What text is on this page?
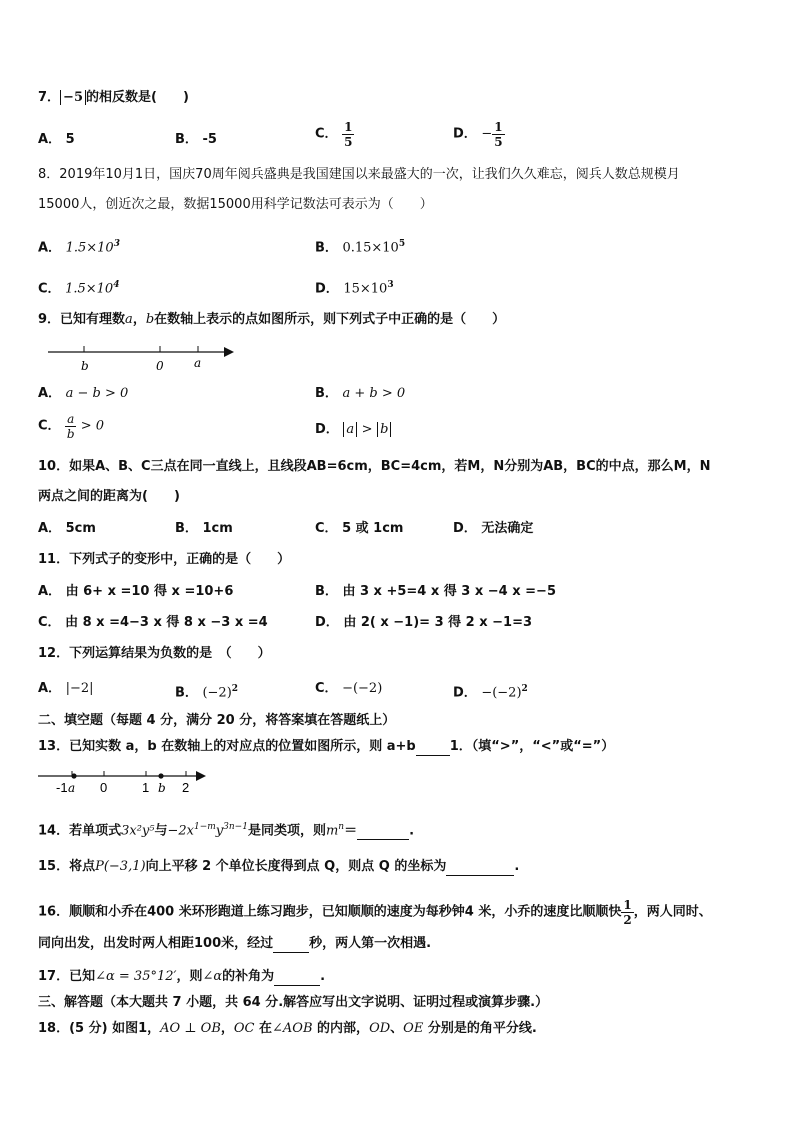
7． −5 的相反数是(　　)
A． 5	B． -5	C． $\frac{1}{5}$	D． − $\frac{1}{5}$
8．2019年10月1日，国庆70周年阅兵盛典是我国建国以来最盛大的一次，让我们久久难忘，阅兵人数总规模月
15000人，创近次之最，数据15000用科学记数法可表示为（　　）
A． $1.5\times 10^3$	B． $0.15\times 10^5$
C． $1.5\times 10^4$	D． $15\times 10^3$
9．已知有理数a，b在数轴上表示的点如图所示，则下列式子中正确的是（　　）
b	0	a
A． a − b > 0	B． a + b > 0
C． $\frac{a}{b} > 0$	D． a > b
10．如果A、B、C三点在同一直线上，且线段AB=6cm，BC=4cm，若M，N分别为AB，BC的中点，那么M，N
两点之间的距离为(　　)
A． 5cm	B． 1cm	C． 5 或 1cm	D． 无法确定
11．下列式子的变形中，正确的是（　　）
A． 由 6+ x =10 得 x =10+6	B． 由 3 x +5=4 x 得 3 x −4 x =−5
C． 由 8 x =4−3 x 得 8 x −3 x =4	D． 由 2( x −1)= 3 得 2 x −1=3
12．下列运算结果为负数的是　（　　）
A． |−2|	B． $(-2)^2$	C． −(−2)	D． $-(-2)^2$
二、填空题（每题 4 分，满分 20 分，将答案填在答题纸上）
13．已知实数 a，b 在数轴上的对应点的位置如图所示，则 a+b	1．（填“>”，“<”或“=”）
-1 a 0	1 b 2
14．若单项式3x²y⁵与$-2x^{1-m}y^{3n-1}$是同类项，则$m^n=$	.
15．将点P(−3,1)向上平移 2 个单位长度得到点 Q，则点 Q 的坐标为	.
16．顺顺和小乔在400 米环形跑道上练习跑步，已知顺顺的速度为每秒钟4 米，小乔的速度比顺顺快 $\frac{1}{2}$ ，两人同时、
同向出发，出发时两人相距100米，经过	秒，两人第一次相遇.
17．已知∠α = 35°12′，则∠α的补角为	.
三、解答题（本大题共 7 小题，共 64 分.解答应写出文字说明、证明过程或演算步骤.）
18．(5 分) 如图1，AO ⊥ OB，OC 在∠AOB 的内部，OD、OE 分别是的角平分线.
